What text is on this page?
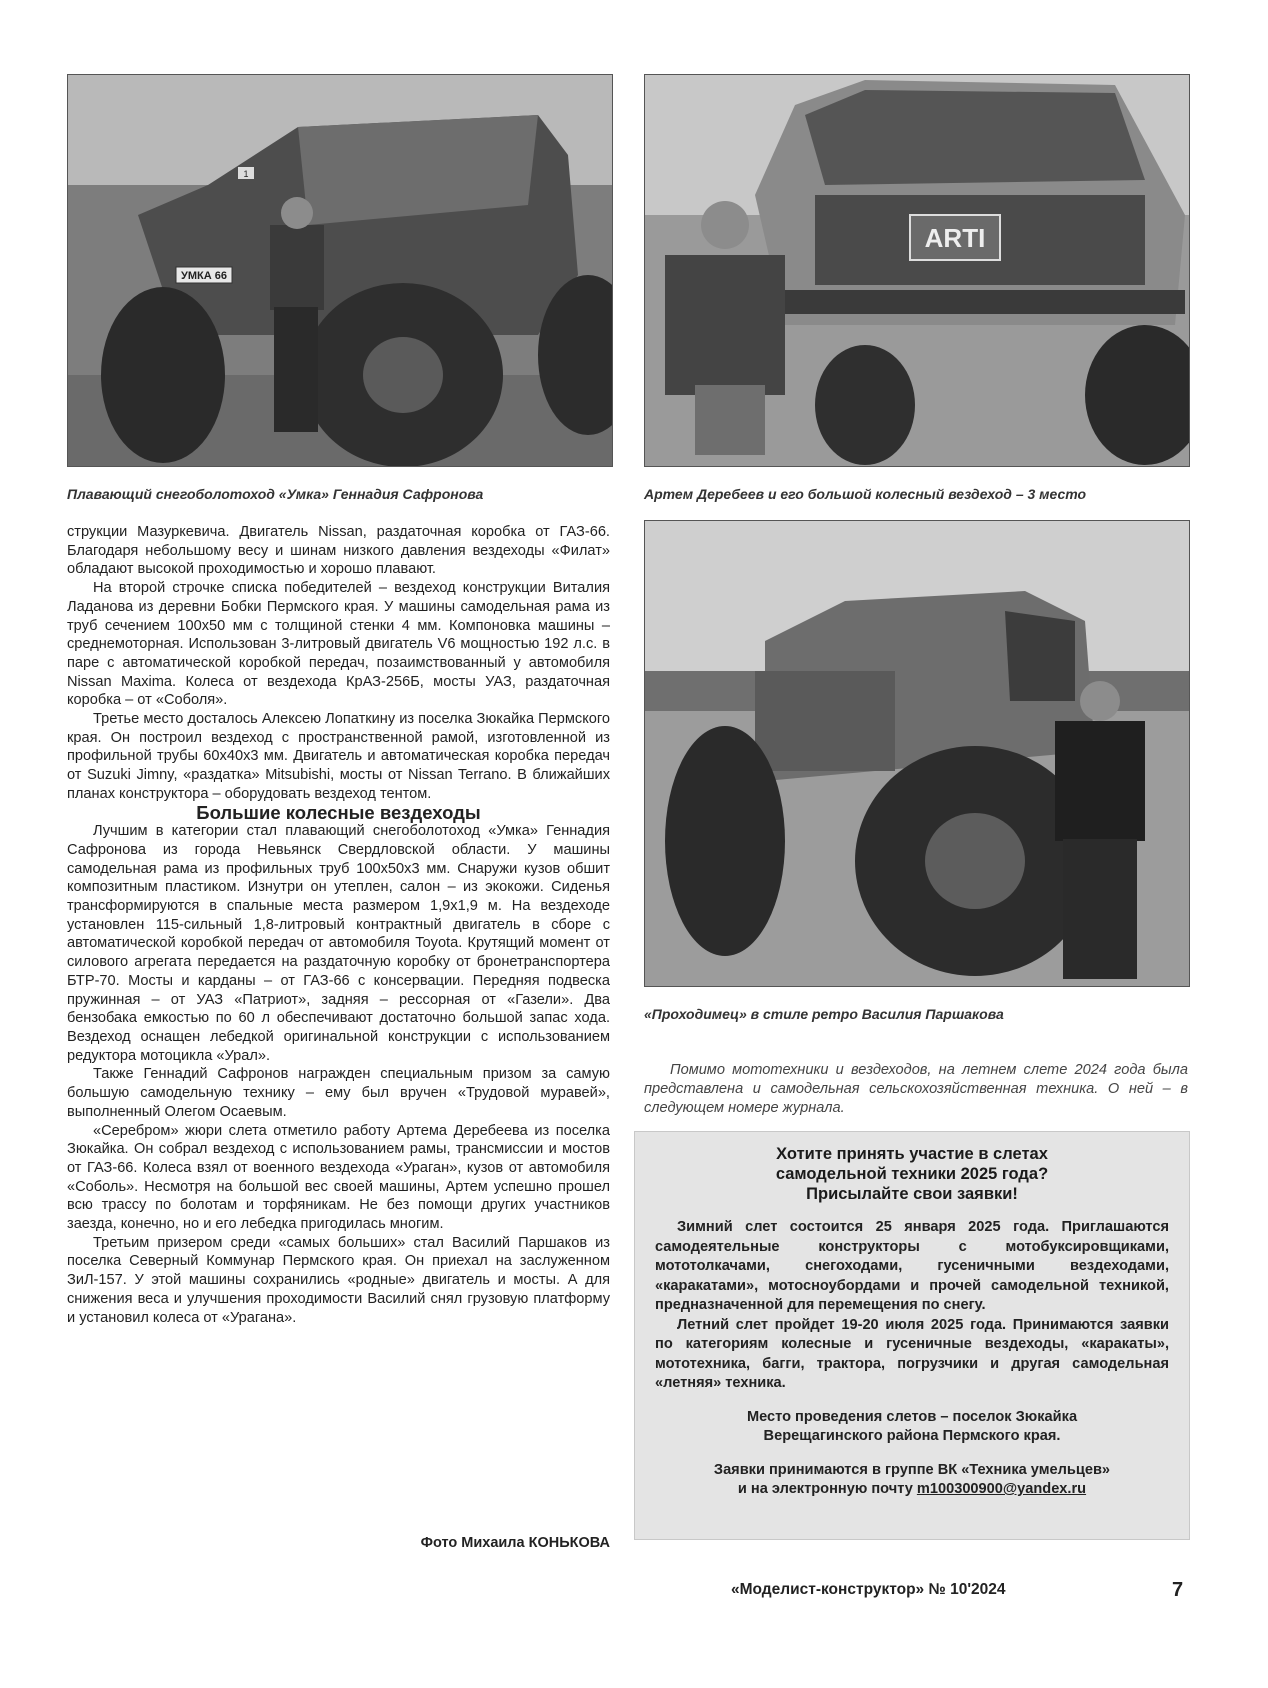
1
УМКА 66
ARTI
Плавающий снегоболотоход «Умка» Геннадия Сафронова	Артем Деребеев и его большой колесный вездеход – 3 место
«Проходимец» в стиле ретро Василия Паршакова

струкции Мазуркевича. Двигатель Nissan, раздаточная коробка от ГАЗ-66. Благодаря небольшому весу и шинам низкого давления вездеходы «Филат» обладают высокой проходимостью и хорошо плавают.

На второй строчке списка победителей – вездеход конструкции Виталия Ладанова из деревни Бобки Пермского края. У машины самодельная рама из труб сечением 100х50 мм с толщиной стенки 4 мм. Компоновка машины – среднемоторная. Использован 3-литровый двигатель V6 мощностью 192 л.с. в паре с автоматической коробкой передач, позаимствованный у автомобиля Nissan Maxima. Колеса от вездехода КрАЗ-256Б, мосты УАЗ, раздаточная коробка – от «Соболя».

Третье место досталось Алексею Лопаткину из поселка Зюкайка Пермского края. Он построил вездеход с пространственной рамой, изготовленной из профильной трубы 60х40х3 мм. Двигатель и автоматическая коробка передач от Suzuki Jimny, «раздатка» Mitsubishi, мосты от Nissan Terrano. В ближайших планах конструктора – оборудовать вездеход тентом.

Большие колесные вездеходы

Лучшим в категории стал плавающий снегоболотоход «Умка» Геннадия Сафронова из города Невьянск Свердловской области. У машины самодельная рама из профильных труб 100х50х3 мм. Снаружи кузов обшит композитным пластиком. Изнутри он утеплен, салон – из экокожи. Сиденья трансформируются в спальные места размером 1,9х1,9 м. На вездеходе установлен 115-сильный 1,8-литровый контрактный двигатель в сборе с автоматической коробкой передач от автомобиля Toyota. Крутящий момент от силового агрегата передается на раздаточную коробку от бронетранспортера БТР-70. Мосты и карданы – от ГАЗ-66 с консервации. Передняя подвеска пружинная – от УАЗ «Патриот», задняя – рессорная от «Газели». Два бензобака емкостью по 60 л обеспечивают достаточно большой запас хода. Вездеход оснащен лебедкой оригинальной конструкции с использованием редуктора мотоцикла «Урал».

Также Геннадий Сафронов награжден специальным призом за самую большую самодельную технику – ему был вручен «Трудовой муравей», выполненный Олегом Осаевым.

«Серебром» жюри слета отметило работу Артема Деребеева из поселка Зюкайка. Он собрал вездеход с использованием рамы, трансмиссии и мостов от ГАЗ-66. Колеса взял от военного вездехода «Ураган», кузов от автомобиля «Соболь». Несмотря на большой вес своей машины, Артем успешно прошел всю трассу по болотам и торфяникам. Не без помощи других участников заезда, конечно, но и его лебедка пригодилась многим.

Третьим призером среди «самых больших» стал Василий Паршаков из поселка Северный Коммунар Пермского края. Он приехал на заслуженном ЗиЛ-157. У этой машины сохранились «родные» двигатель и мосты. А для снижения веса и улучшения проходимости Василий снял грузовую платформу и установил колеса от «Урагана».

Фото Михаила КОНЬКОВА

Помимо мототехники и вездеходов, на летнем слете 2024 года была представлена и самодельная сельскохозяйственная техника. О ней – в следующем номере журнала.

Хотите принять участие в слетах
самодельной техники 2025 года?
Присылайте свои заявки!

Зимний слет состоится 25 января 2025 года. Приглашаются самодеятельные конструкторы с мотобуксировщиками, мототолкачами, снегоходами, гусеничными вездеходами, «каракатами», мотосноубордами и прочей самодельной техникой, предназначенной для перемещения по снегу.

Летний слет пройдет 19-20 июля 2025 года. Принимаются заявки по категориям колесные и гусеничные вездеходы, «каракаты», мототехника, багги, трактора, погрузчики и другая самодельная «летняя» техника.

Место проведения слетов – поселок Зюкайка
Верещагинского района Пермского края.

Заявки принимаются в группе ВК «Техника умельцев»
и на электронную почту m100300900@yandex.ru

«Моделист-конструктор» № 10'2024	7
